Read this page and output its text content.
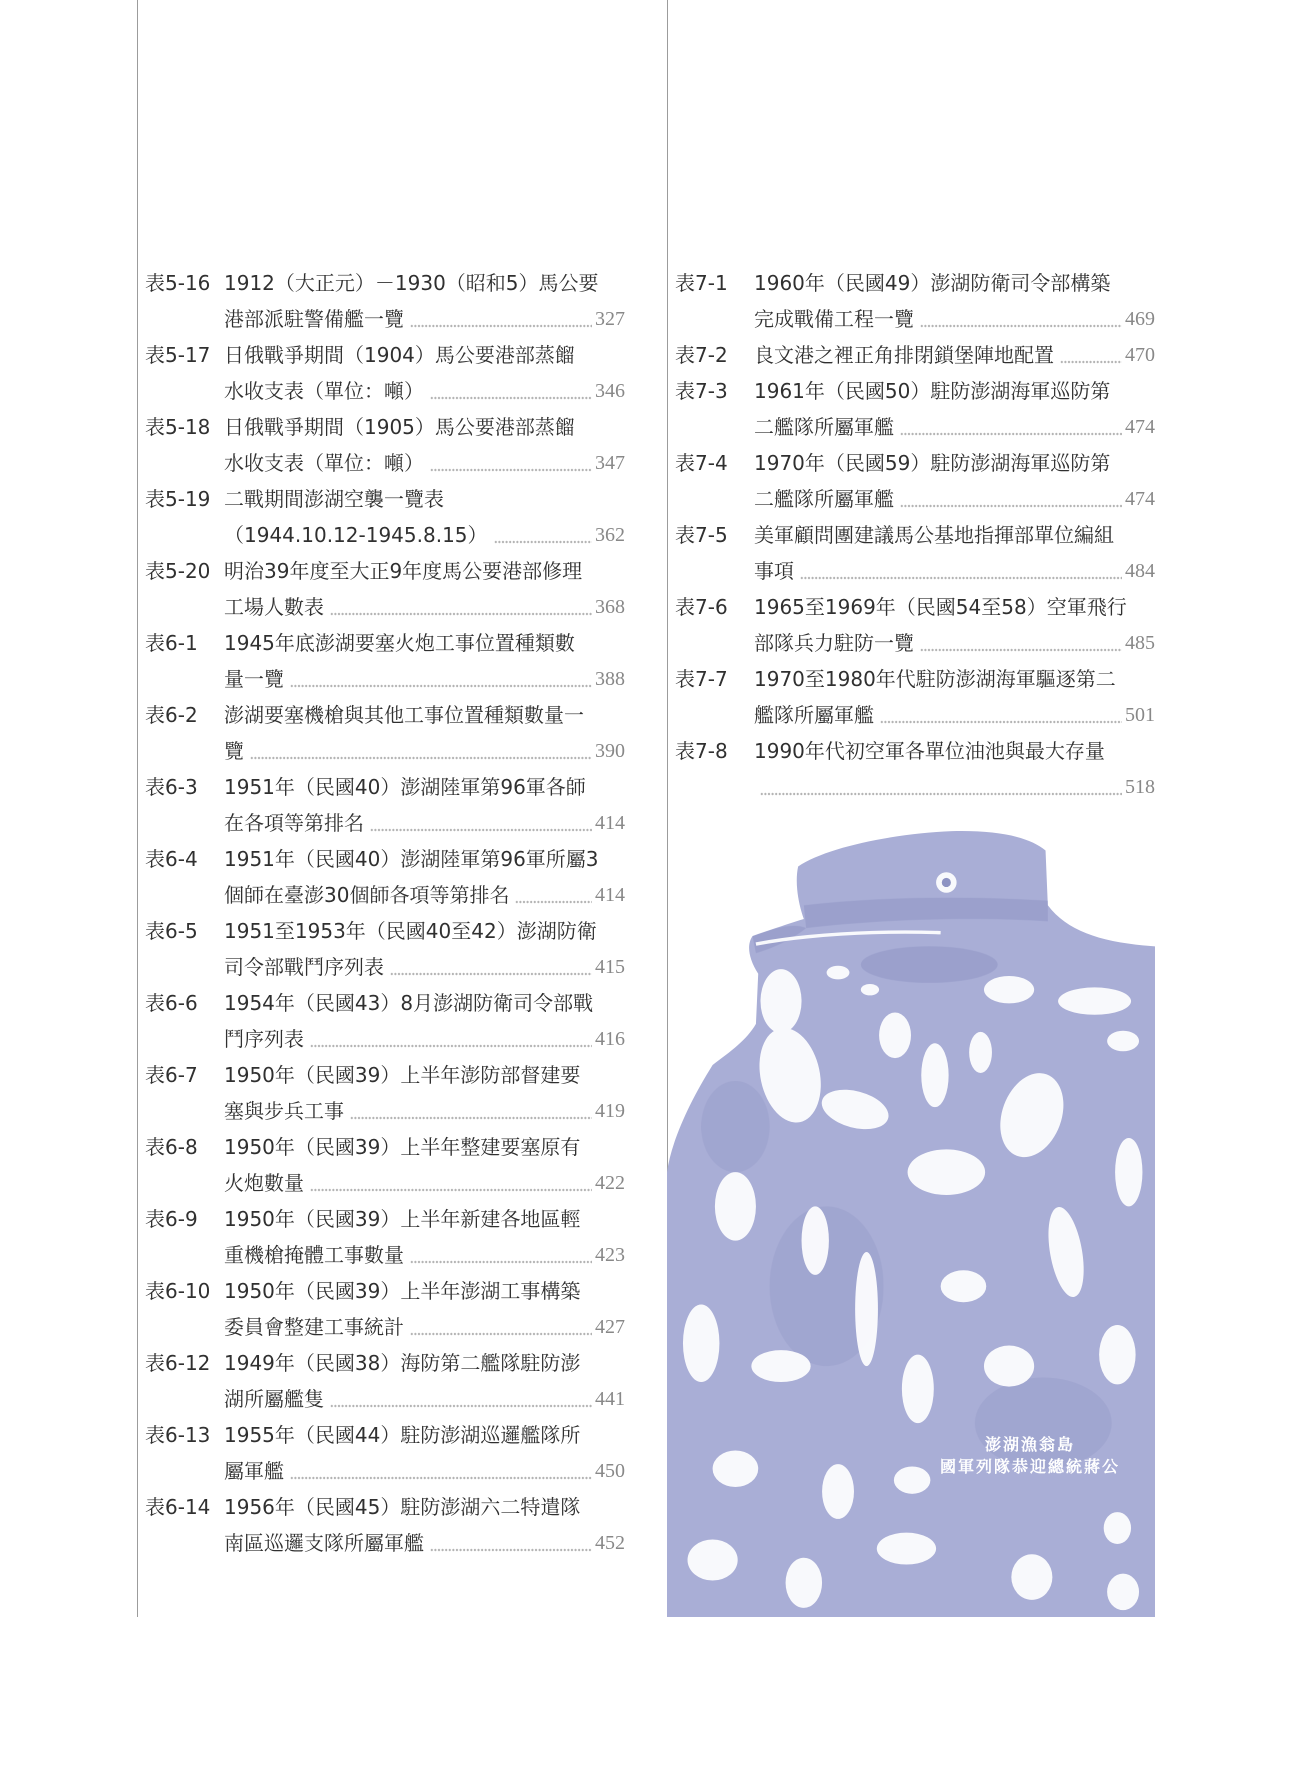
表5-16 1912（大正元）－1930（昭和5）馬公要
港部派駐警備艦一覽	327
表5-17 日俄戰爭期間（1904）馬公要港部蒸餾
水收支表（單位：噸）	346
表5-18 日俄戰爭期間（1905）馬公要港部蒸餾
水收支表（單位：噸）	347
表5-19 二戰期間澎湖空襲一覽表
（1944.10.12-1945.8.15）	362
表5-20 明治39年度至大正9年度馬公要港部修理
工場人數表	368
表6-1	1945年底澎湖要塞火炮工事位置種類數
量一覽	388
表6-2	澎湖要塞機槍與其他工事位置種類數量一
覽	390
表6-3	1951年（民國40）澎湖陸軍第96軍各師
在各項等第排名	414
表6-4	1951年（民國40）澎湖陸軍第96軍所屬3
個師在臺澎30個師各項等第排名	414
表6-5	1951至1953年（民國40至42）澎湖防衛
司令部戰鬥序列表	415
表6-6	1954年（民國43）8月澎湖防衛司令部戰
鬥序列表	416
表6-7	1950年（民國39）上半年澎防部督建要
塞與步兵工事	419
表6-8	1950年（民國39）上半年整建要塞原有
火炮數量	422
表6-9	1950年（民國39）上半年新建各地區輕
重機槍掩體工事數量	423
表6-10 1950年（民國39）上半年澎湖工事構築
委員會整建工事統計	427
表6-12 1949年（民國38）海防第二艦隊駐防澎
湖所屬艦隻	441
表6-13 1955年（民國44）駐防澎湖巡邏艦隊所
屬軍艦	450
表6-14 1956年（民國45）駐防澎湖六二特遣隊
南區巡邏支隊所屬軍艦	452
表7-1	1960年（民國49）澎湖防衛司令部構築
完成戰備工程一覽	469
表7-2	良文港之裡正角排閉鎖堡陣地配置	470
表7-3	1961年（民國50）駐防澎湖海軍巡防第
二艦隊所屬軍艦	474
表7-4	1970年（民國59）駐防澎湖海軍巡防第
二艦隊所屬軍艦	474
表7-5	美軍顧問團建議馬公基地指揮部單位編組
事項	484
表7-6	1965至1969年（民國54至58）空軍飛行
部隊兵力駐防一覽	485
表7-7	1970至1980年代駐防澎湖海軍驅逐第二
艦隊所屬軍艦	501
表7-8	1990年代初空軍各單位油池與最大存量
518
澎湖漁翁島
國軍列隊恭迎總統蔣公
